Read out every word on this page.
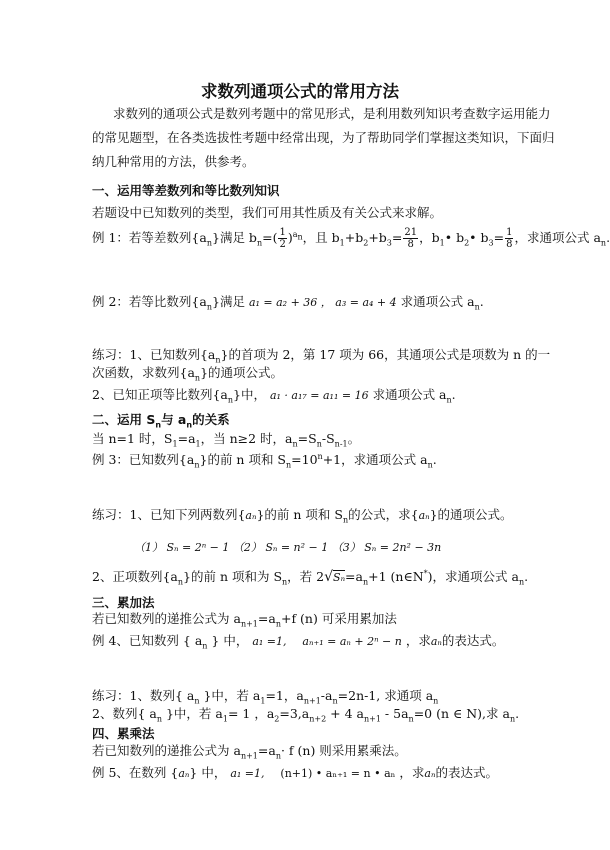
求数列通项公式的常用方法
求数列的通项公式是数列考题中的常见形式，是利用数列知识考查数字运用能力
的常见题型，在各类选拔性考题中经常出现，为了帮助同学们掌握这类知识，下面归
纳几种常用的方法，供参考。
一、运用等差数列和等比数列知识
若题设中已知数列的类型，我们可用其性质及有关公式来求解。
例 1：若等差数列$\{a_n\}$满足 $b_n=( \frac{1}{2} )^{a_n}$，且 $b_1+b_2+b_3= \frac{21}{8}$ ，$b_1•$ $b_2•$ $b_3= \frac{1}{8}$ ，求通项公式 $a_n$.
例 2：若等比数列$\{a_n\}$满足 a₁ = a₂ + 36 ， a₃ = a₄ + 4 求通项公式 $a_n$.
练习：1、已知数列$\{a_n\}$的首项为 2，第 17 项为 66，其通项公式是项数为 n 的一
次函数，求数列$\{a_n\}$的通项公式。
2、已知正项等比数列$\{a_n\}$中， a₁ · a₁₇ = a₁₁ = 16 求通项公式 $a_n$.
二、运用 $S_n$与 $a_n$的关系
当 n=1 时，$S_1=a_1$，当 n≥2 时，$a_n=S_n-S_{n-1}$。
例 3：已知数列$\{a_n\}$的前 n 项和 $S_n=10^n+1$，求通项公式 $a_n$.
练习：1、已知下列两数列{aₙ}的前 n 项和 $S_n$的公式，求{aₙ}的通项公式。
（1） Sₙ = 2ⁿ − 1 （2） Sₙ = n² − 1 （3） Sₙ = 2n² − 3n
2、正项数列$\{a_n\}$的前 n 项和为 $S_n$，若 $2√S_n=a_n+1$ (n∈N*)，求通项公式 $a_n$.
三、累加法
若已知数列的递推公式为 $a_{n+1}=a_n+f$ (n) 可采用累加法
例 4、已知数列 { $a_n$ } 中， a₁ =1, aₙ₊₁ = aₙ + 2ⁿ − n ，求aₙ的表达式。
练习：1、数列{ $a_n$ }中，若 $a_1=1$，$a_{n+1}-a_n=2n-1$, 求通项 $a_n$
2、数列{ $a_n$ }中，若 $a_1= 1$ ，$a_2=3,a_{n+2} + 4$ $a_{n+1} - 5a_n=0$ (n ∈ N),求 $a_n$.
四、累乘法
若已知数列的递推公式为 $a_{n+1}=a_n\cdot f$ (n) 则采用累乘法。
例 5、在数列 {aₙ} 中， a₁ =1, (n+1) • aₙ₊₁ = n • aₙ ，求aₙ的表达式。
